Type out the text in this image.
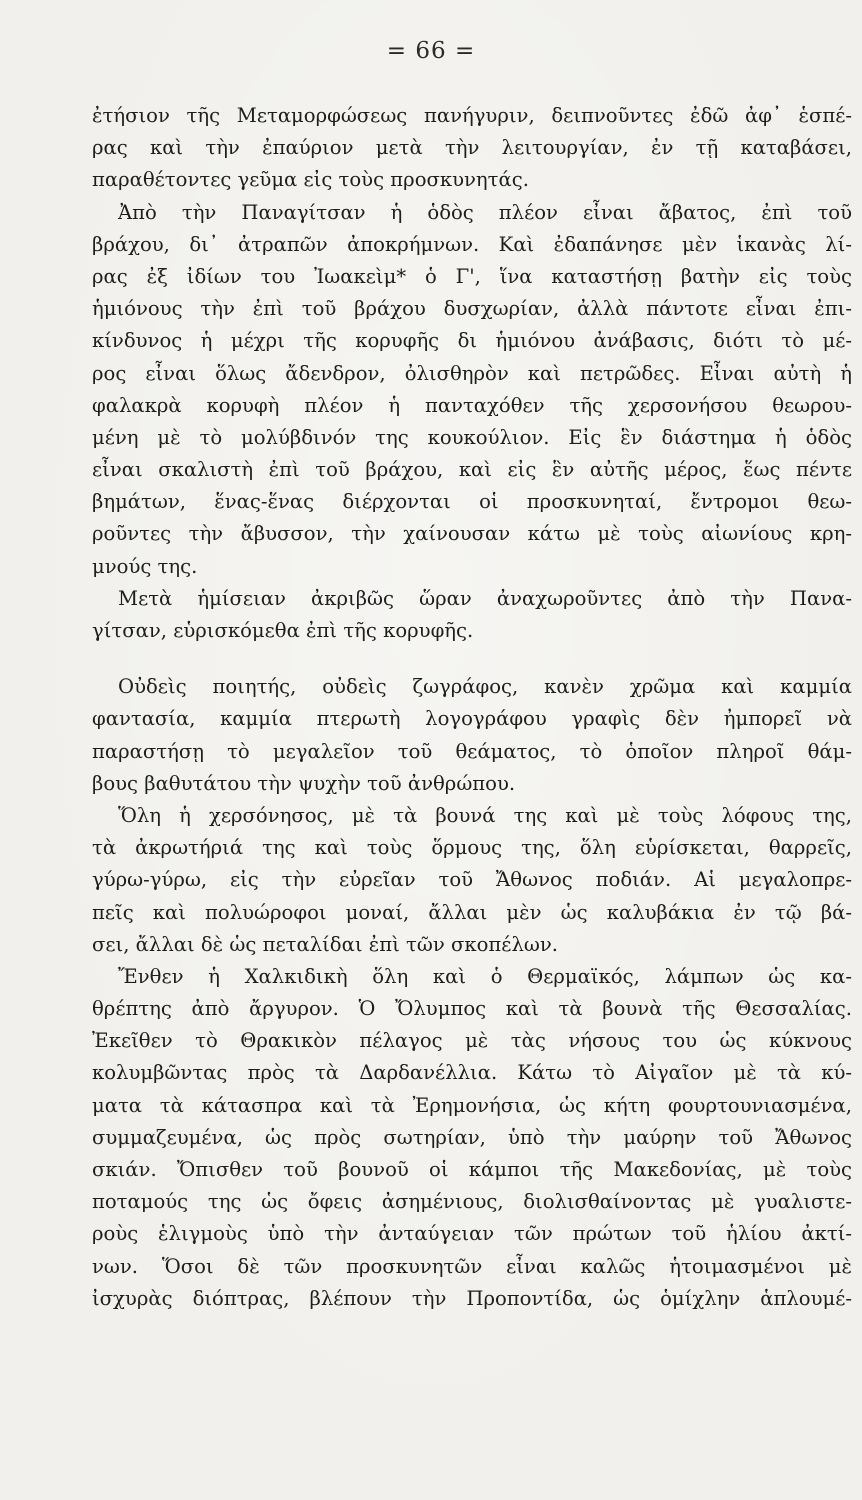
= 66 =
ἐτήσιον τῆς Μεταμορφώσεως πανήγυριν, δειπνοῦντες ἐδῶ ἀφ᾽ ἑσπέ-
ρας καὶ τὴν ἐπαύριον μετὰ τὴν λειτουργίαν, ἐν τῇ καταβάσει,
παραθέτοντες γεῦμα εἰς τοὺς προσκυνητάς.
Ἀπὸ τὴν Παναγίτσαν ἡ ὁδὸς πλέον εἶναι ἄβατος, ἐπὶ τοῦ
βράχου, δι᾽ ἀτραπῶν ἀποκρήμνων. Καὶ ἐδαπάνησε μὲν ἱκανὰς λί-
ρας ἐξ ἰδίων του Ἰωακεὶμ* ὁ Γ', ἵνα καταστήσῃ βατὴν εἰς τοὺς
ἡμιόνους τὴν ἐπὶ τοῦ βράχου δυσχωρίαν, ἀλλὰ πάντοτε εἶναι ἐπι-
κίνδυνος ἡ μέχρι τῆς κορυφῆς δι ἡμιόνου ἀνάβασις, διότι τὸ μέ-
ρος εἶναι ὅλως ἄδενδρον, ὀλισθηρὸν καὶ πετρῶδες. Εἶναι αὐτὴ ἡ
φαλακρὰ κορυφὴ πλέον ἡ πανταχόθεν τῆς χερσονήσου θεωρου-
μένη μὲ τὸ μολύβδινόν της κουκούλιον. Εἰς ἓν διάστημα ἡ ὁδὸς
εἶναι σκαλιστὴ ἐπὶ τοῦ βράχου, καὶ εἰς ἓν αὐτῆς μέρος, ἕως πέντε
βημάτων, ἕνας-ἕνας διέρχονται οἱ προσκυνηταί, ἔντρομοι θεω-
ροῦντες τὴν ἄβυσσον, τὴν χαίνουσαν κάτω μὲ τοὺς αἰωνίους κρη-
μνούς της.
Μετὰ ἡμίσειαν ἀκριβῶς ὥραν ἀναχωροῦντες ἀπὸ τὴν Πανα-
γίτσαν, εὑρισκόμεθα ἐπὶ τῆς κορυφῆς.
Οὐδεὶς ποιητής, οὐδεὶς ζωγράφος, κανὲν χρῶμα καὶ καμμία
φαντασία, καμμία πτερωτὴ λογογράφου γραφὶς δὲν ἠμπορεῖ νὰ
παραστήσῃ τὸ μεγαλεῖον τοῦ θεάματος, τὸ ὁποῖον πληροῖ θάμ-
βους βαθυτάτου τὴν ψυχὴν τοῦ ἀνθρώπου.
Ὅλη ἡ χερσόνησος, μὲ τὰ βουνά της καὶ μὲ τοὺς λόφους της,
τὰ ἀκρωτήριά της καὶ τοὺς ὅρμους της, ὅλη εὑρίσκεται, θαρρεῖς,
γύρω-γύρω, εἰς τὴν εὐρεῖαν τοῦ Ἄθωνος ποδιάν. Αἱ μεγαλοπρε-
πεῖς καὶ πολυώροφοι μοναί, ἄλλαι μὲν ὡς καλυβάκια ἐν τῷ βά-
σει, ἄλλαι δὲ ὡς πεταλίδαι ἐπὶ τῶν σκοπέλων.
Ἔνθεν ἡ Χαλκιδικὴ ὅλη καὶ ὁ Θερμαϊκός, λάμπων ὡς κα-
θρέπτης ἀπὸ ἄργυρον. Ὁ Ὄλυμπος καὶ τὰ βουνὰ τῆς Θεσσαλίας.
Ἐκεῖθεν τὸ Θρακικὸν πέλαγος μὲ τὰς νήσους του ὡς κύκνους
κολυμβῶντας πρὸς τὰ Δαρδανέλλια. Κάτω τὸ Αἰγαῖον μὲ τὰ κύ-
ματα τὰ κάτασπρα καὶ τὰ Ἐρημονήσια, ὡς κήτη φουρτουνιασμένα,
συμμαζευμένα, ὡς πρὸς σωτηρίαν, ὑπὸ τὴν μαύρην τοῦ Ἄθωνος
σκιάν. Ὄπισθεν τοῦ βουνοῦ οἱ κάμποι τῆς Μακεδονίας, μὲ τοὺς
ποταμούς της ὡς ὄφεις ἀσημένιους, διολισθαίνοντας μὲ γυαλιστε-
ροὺς ἑλιγμοὺς ὑπὸ τὴν ἀνταύγειαν τῶν πρώτων τοῦ ἡλίου ἀκτί-
νων. Ὅσοι δὲ τῶν προσκυνητῶν εἶναι καλῶς ἡτοιμασμένοι μὲ
ἰσχυρὰς διόπτρας, βλέπουν τὴν Προποντίδα, ὡς ὁμίχλην ἁπλουμέ-
